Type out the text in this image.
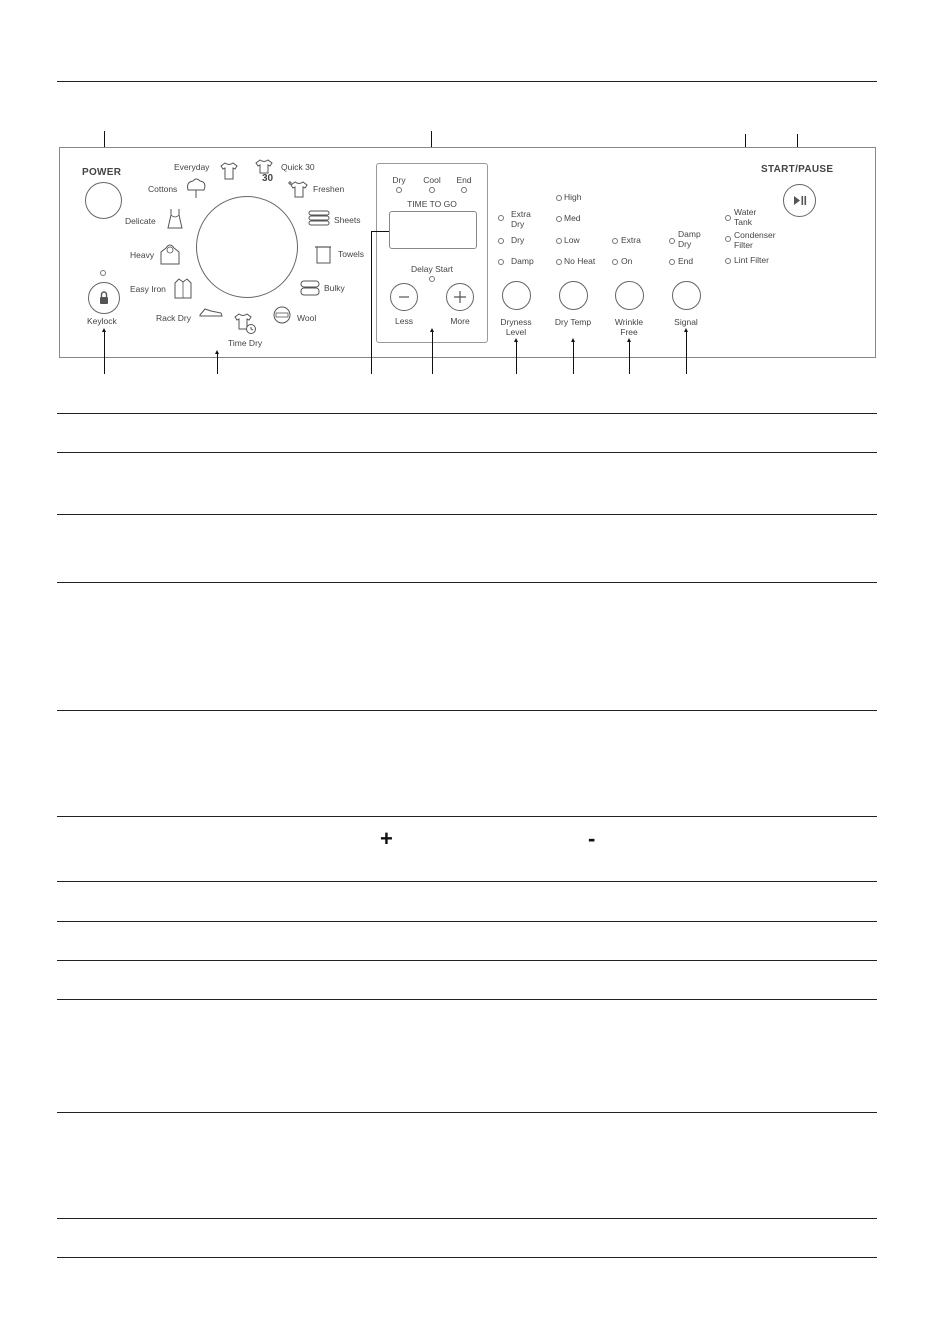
POWER
Keylock
Everyday	Quick 30
Freshen
Sheets
Towels
Bulky
Wool
Time Dry
Rack Dry
Easy Iron
Heavy
Delicate
Cottons
30	Dry Cool End
TIME TO GO
Delay Start
Less	More
Extra Dry
Dry
Damp
Dryness Level
High
Med
Low
No Heat
Dry Temp
Extra
On
Wrinkle Free
Damp Dry
End
Signal
Water Tank
Condenser Filter
Lint Filter
START/PAUSE
+	-
